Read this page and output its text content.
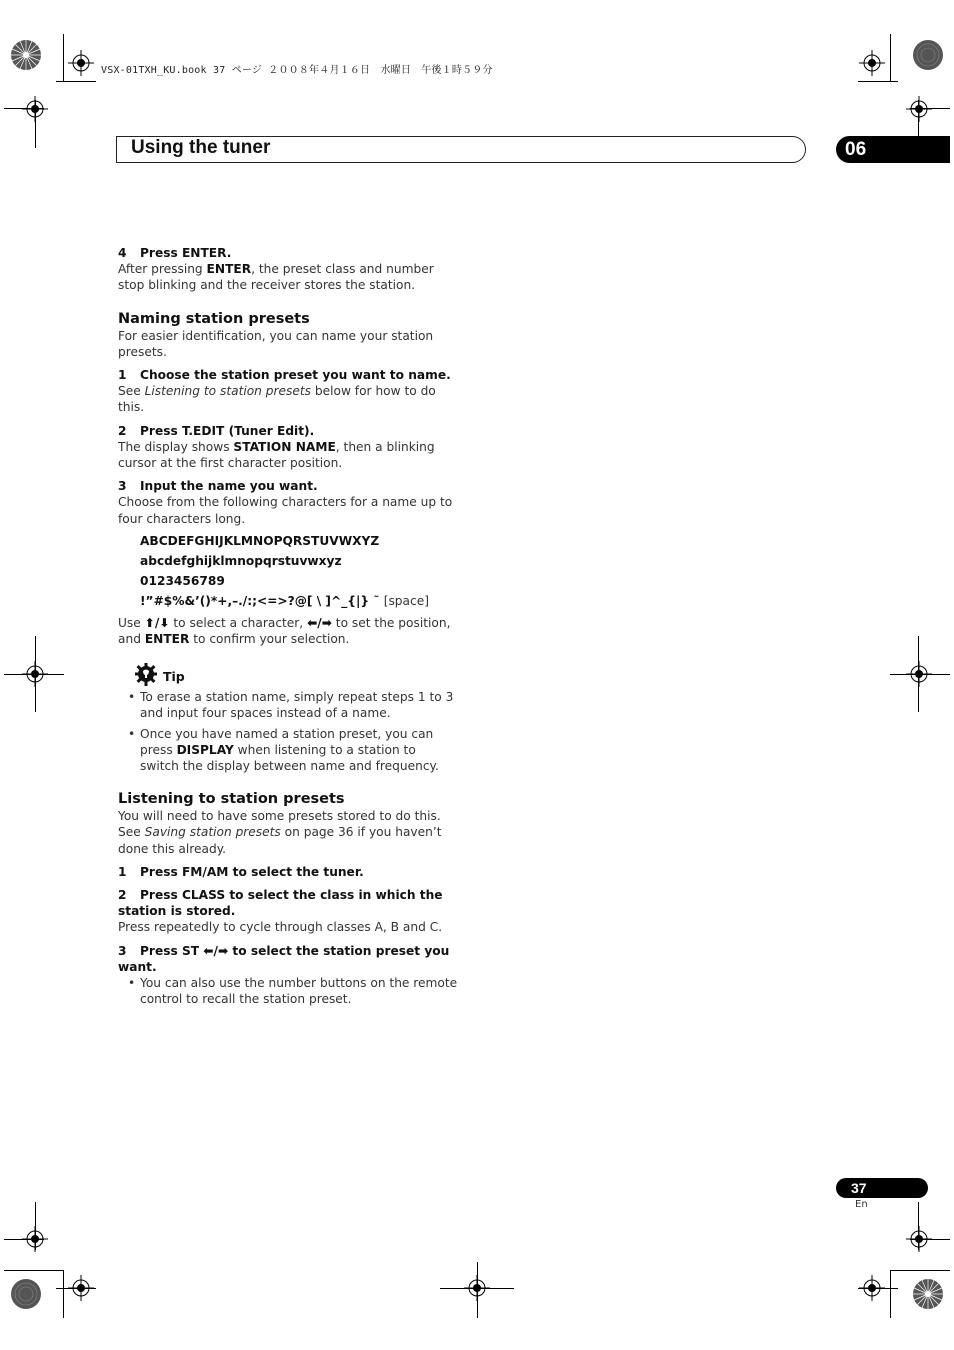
VSX-01TXH_KU.book 37 ページ ２００８年４月１６日　水曜日　午後１時５９分
Using the tuner	06

4 Press ENTER.

After pressing ENTER, the preset class and number stop blinking and the receiver stores the station.

Naming station presets

For easier identification, you can name your station presets.

1 Choose the station preset you want to name.

See Listening to station presets below for how to do this.

2 Press T.EDIT (Tuner Edit).

The display shows STATION NAME, then a blinking cursor at the first character position.

3 Input the name you want.

Choose from the following characters for a name up to four characters long.

ABCDEFGHIJKLMNOPQRSTUVWXYZ

abcdefghijklmnopqrstuvwxyz

0123456789

!”#$%&’()*+,–./:;<=>?@[ \ ]^_{|} ˜ [space]

Use ⬆/⬇ to select a character, ⬅/➡ to set the position, and ENTER to confirm your selection.

Tip
• To erase a station name, simply repeat steps 1 to 3 and input four spaces instead of a name.
• Once you have named a station preset, you can press DISPLAY when listening to a station to switch the display between name and frequency.

Listening to station presets

You will need to have some presets stored to do this. See Saving station presets on page 36 if you haven’t done this already.

1 Press FM/AM to select the tuner.

2 Press CLASS to select the class in which the station is stored.

Press repeatedly to cycle through classes A, B and C.

3 Press ST ⬅/➡ to select the station preset you want.

• You can also use the number buttons on the remote control to recall the station preset.
37
En
